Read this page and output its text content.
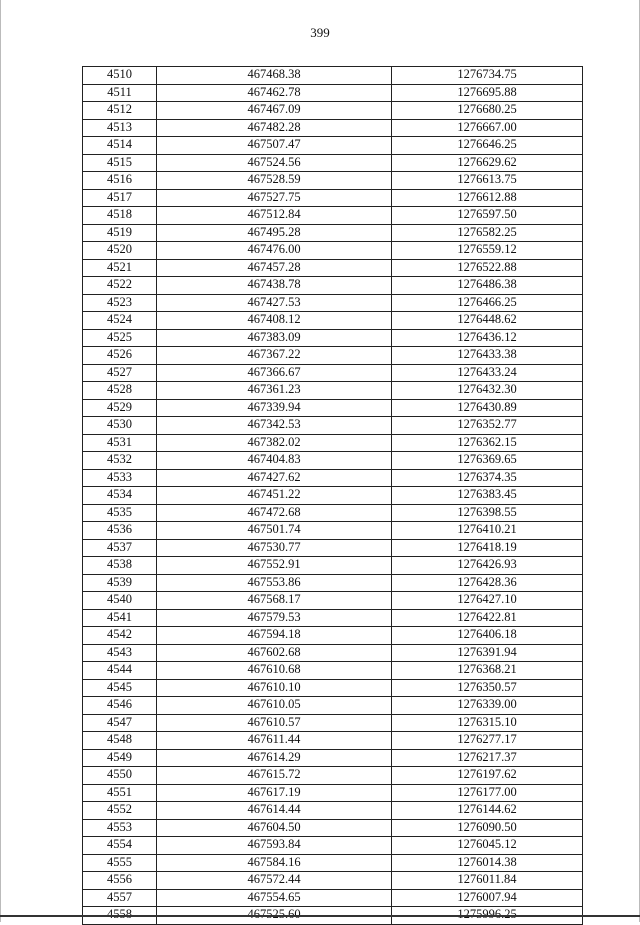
399
4510	467468.38	1276734.75
4511	467462.78	1276695.88
4512	467467.09	1276680.25
4513	467482.28	1276667.00
4514	467507.47	1276646.25
4515	467524.56	1276629.62
4516	467528.59	1276613.75
4517	467527.75	1276612.88
4518	467512.84	1276597.50
4519	467495.28	1276582.25
4520	467476.00	1276559.12
4521	467457.28	1276522.88
4522	467438.78	1276486.38
4523	467427.53	1276466.25
4524	467408.12	1276448.62
4525	467383.09	1276436.12
4526	467367.22	1276433.38
4527	467366.67	1276433.24
4528	467361.23	1276432.30
4529	467339.94	1276430.89
4530	467342.53	1276352.77
4531	467382.02	1276362.15
4532	467404.83	1276369.65
4533	467427.62	1276374.35
4534	467451.22	1276383.45
4535	467472.68	1276398.55
4536	467501.74	1276410.21
4537	467530.77	1276418.19
4538	467552.91	1276426.93
4539	467553.86	1276428.36
4540	467568.17	1276427.10
4541	467579.53	1276422.81
4542	467594.18	1276406.18
4543	467602.68	1276391.94
4544	467610.68	1276368.21
4545	467610.10	1276350.57
4546	467610.05	1276339.00
4547	467610.57	1276315.10
4548	467611.44	1276277.17
4549	467614.29	1276217.37
4550	467615.72	1276197.62
4551	467617.19	1276177.00
4552	467614.44	1276144.62
4553	467604.50	1276090.50
4554	467593.84	1276045.12
4555	467584.16	1276014.38
4556	467572.44	1276011.84
4557	467554.65	1276007.94
